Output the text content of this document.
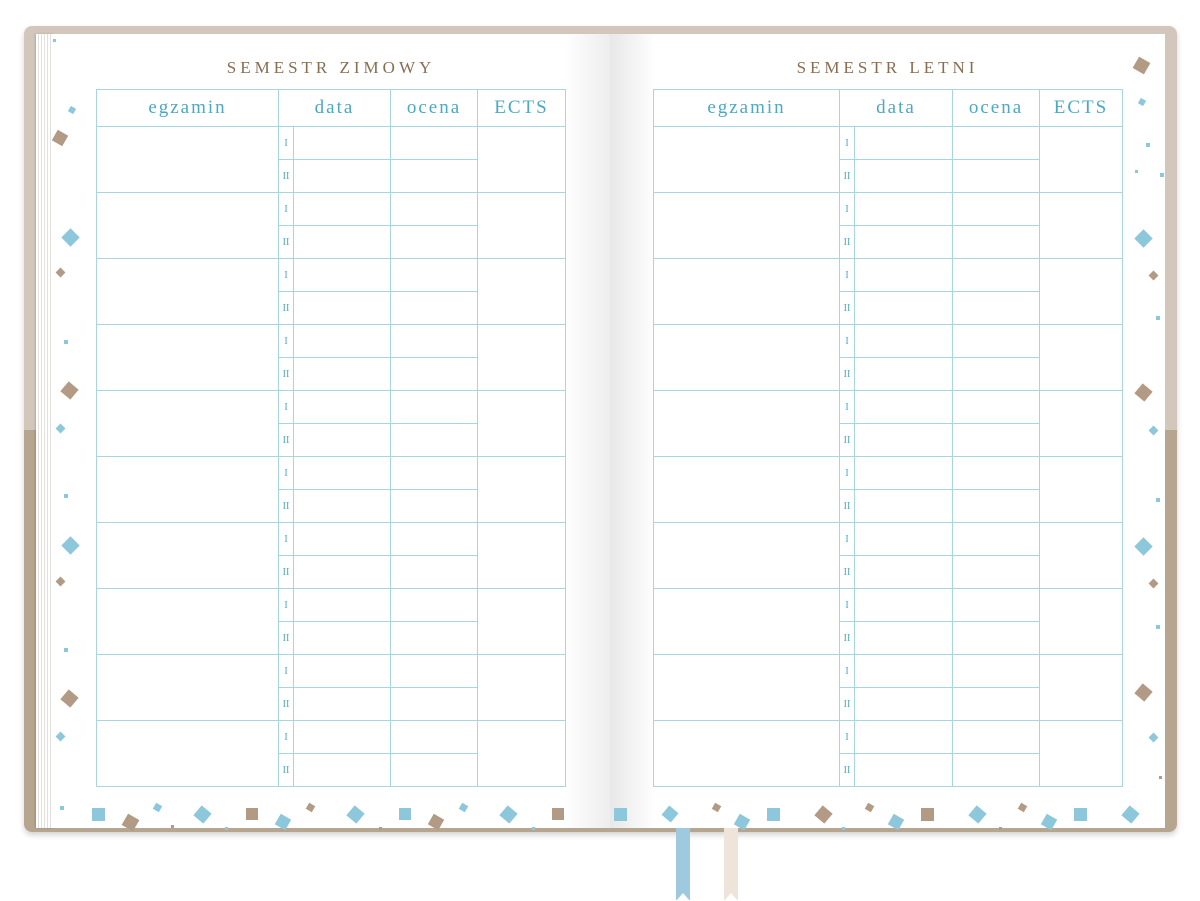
SEMESTR ZIMOWY
egzamin	data		ocena	ECTS
	I			
	II			
	I			
	II			
	I			
	II			
	I			
	II			
	I			
	II			
	I			
	II			
	I			
	II			
	I			
	II			
	I			
	II			
	I			
	II			
SEMESTR LETNI
egzamin	data		ocena	ECTS
	I			
	II			
	I			
	II			
	I			
	II			
	I			
	II			
	I			
	II			
	I			
	II			
	I			
	II			
	I			
	II			
	I			
	II			
	I			
	II			
